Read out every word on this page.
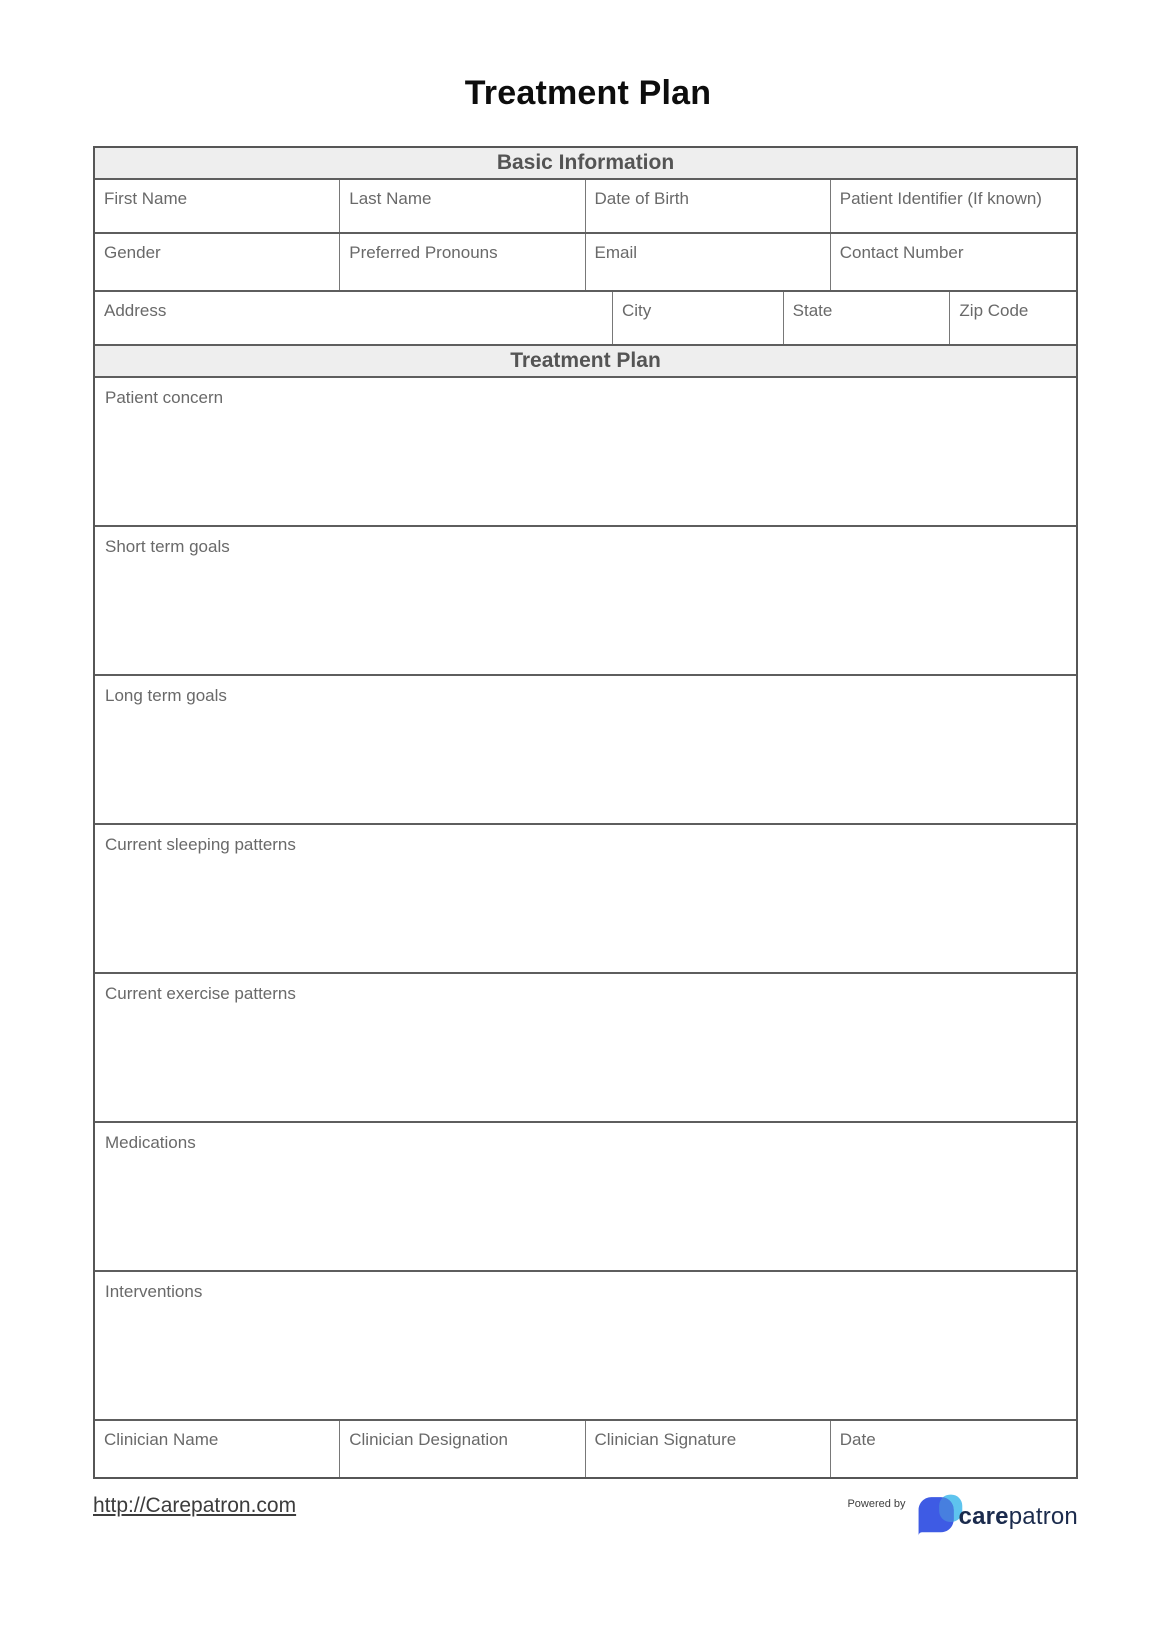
Treatment Plan
Basic Information
First Name	Last Name	Date of Birth	Patient Identifier (If known)
Gender	Preferred Pronouns	Email	Contact Number
Address	City	State	Zip Code
Treatment Plan
Patient concern
Short term goals
Long term goals
Current sleeping patterns
Current exercise patterns
Medications
Interventions
Clinician Name	Clinician Designation	Clinician Signature	Date
http://Carepatron.com	Powered by carepatron
